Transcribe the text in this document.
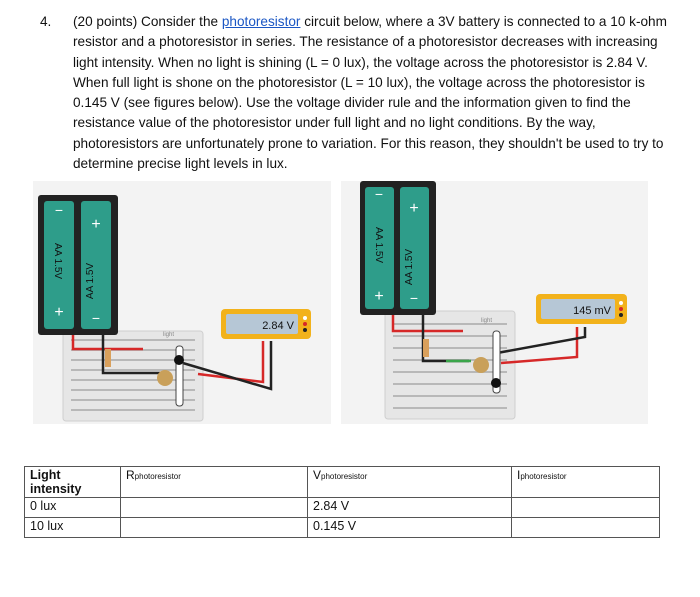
4.	(20 points) Consider the photoresistor circuit below, where a 3V battery is connected to a 10 k-ohm resistor and a photoresistor in series. The resistance of a photoresistor decreases with increasing light intensity. When no light is shining (L = 0 lux), the voltage across the photoresistor is 2.84 V. When full light is shone on the photoresistor (L = 10 lux), the voltage across the photoresistor is 0.145 V (see figures below). Use the voltage divider rule and the information given to find the resistance value of the photoresistor under full light and no light conditions. By the way, photoresistors are unfortunately prone to variation. For this reason, they shouldn't be used to try to determine precise light levels in lux.
−
+
+
−
AA 1.5V
AA 1.5V
light
2.84 V
−
+
+
−
AA 1.5V
AA 1.5V
light
145 mV
Light intensity	Rphotoresistor	Vphotoresistor	Iphotoresistor
0 lux		2.84 V	
10 lux		0.145 V	
